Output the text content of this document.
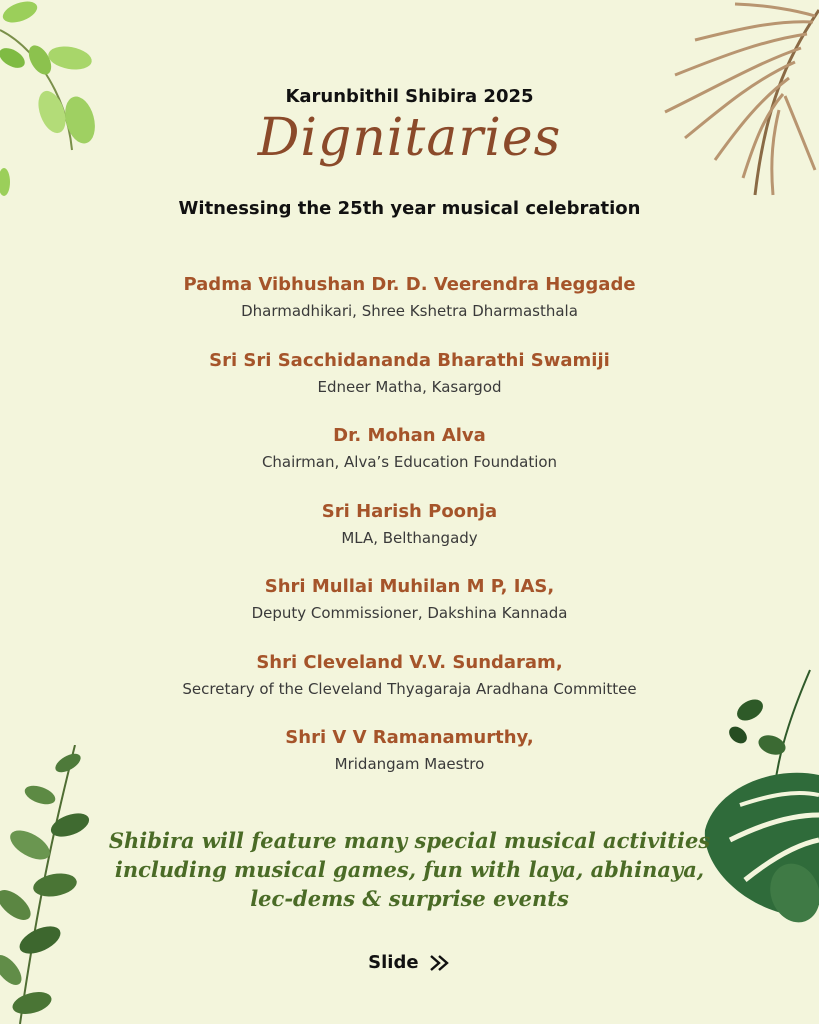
Karunbithil Shibira 2025
Dignitaries
Witnessing the 25th year musical celebration
Padma Vibhushan Dr. D. Veerendra Heggade
Dharmadhikari, Shree Kshetra Dharmasthala
Sri Sri Sacchidananda Bharathi Swamiji
Edneer Matha, Kasargod
Dr. Mohan Alva
Chairman, Alva’s Education Foundation
Sri Harish Poonja
MLA, Belthangady
Shri Mullai Muhilan M P, IAS,
Deputy Commissioner, Dakshina Kannada
Shri Cleveland V.V. Sundaram,
Secretary of the Cleveland Thyagaraja Aradhana Committee
Shri V V Ramanamurthy,
Mridangam Maestro
Shibira will feature many special musical activities
including musical games, fun with laya, abhinaya,
lec-dems & surprise events
Slide
